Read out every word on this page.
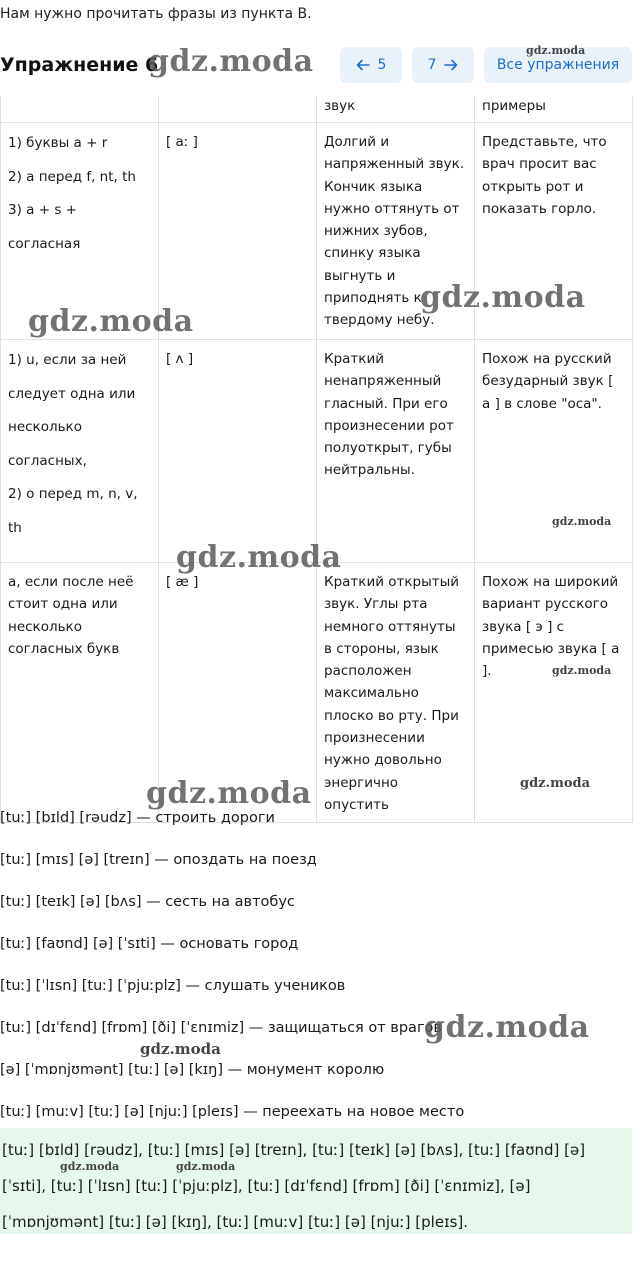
Нам нужно прочитать фразы из пункта B.
Упражнение 6	5	7	Все упражнения
		звук	примеры

1) буквы a + r
2) a перед f, nt, th
3) a + s + согласная	[ aː ]	Долгий и напряженный звук. Кончик языка нужно оттянуть от нижних зубов, спинку языка выгнуть и приподнять к твердому небу.	Представьте, что врач просит вас открыть рот и показать горло.

1) u, если за ней следует одна или несколько согласных,
2) o перед m, n, v, th	[ ʌ ]	Краткий ненапряженный гласный. При его произнесении рот полуоткрыт, губы нейтральны.	Похож на русский безударный звук [ а ] в слове "оса".

a, если после неё стоит одна или несколько согласных букв	[ æ ]	Краткий открытый звук. Углы рта немного оттянуты в стороны, язык расположен максимально плоско во рту. При произнесении нужно довольно энергично опустить	Похож на широкий вариант русского звука [ э ] с примесью звука [ а ].
[tuː] [bɪld] [rəudz] — строить дороги
[tuː] [mɪs] [ə] [treɪn] — опоздать на поезд
[tuː] [teɪk] [ə] [bʌs] — сесть на автобус
[tuː] [faʊnd] [ə] [ˈsɪti] — основать город
[tuː] [ˈlɪsn] [tuː] [ˈpjuːplz] — слушать учеников
[tuː] [dɪˈfɛnd] [frɒm] [ði] [ˈɛnɪmiz] — защищаться от врагов
[ə] [ˈmɒnjʊmənt] [tuː] [ə] [kɪŋ] — монумент королю
[tuː] [muːv] [tuː] [ə] [njuː] [pleɪs] — переехать на новое место
[tuː] [bɪld] [rəudz], [tuː] [mɪs] [ə] [treɪn], [tuː] [teɪk] [ə] [bʌs], [tuː] [faʊnd] [ə] [ˈsɪti], [tuː] [ˈlɪsn] [tuː] [ˈpjuːplz], [tuː] [dɪˈfɛnd] [frɒm] [ði] [ˈɛnɪmiz], [ə] [ˈmɒnjʊmənt] [tuː] [ə] [kɪŋ], [tuː] [muːv] [tuː] [ə] [njuː] [pleɪs].
gdz.moda	gdz.moda
gdz.moda
gdz.moda
gdz.moda
gdz.moda
gdz.moda
gdz.moda	gdz.moda
gdz.moda
gdz.moda
gdz.moda	gdz.moda
